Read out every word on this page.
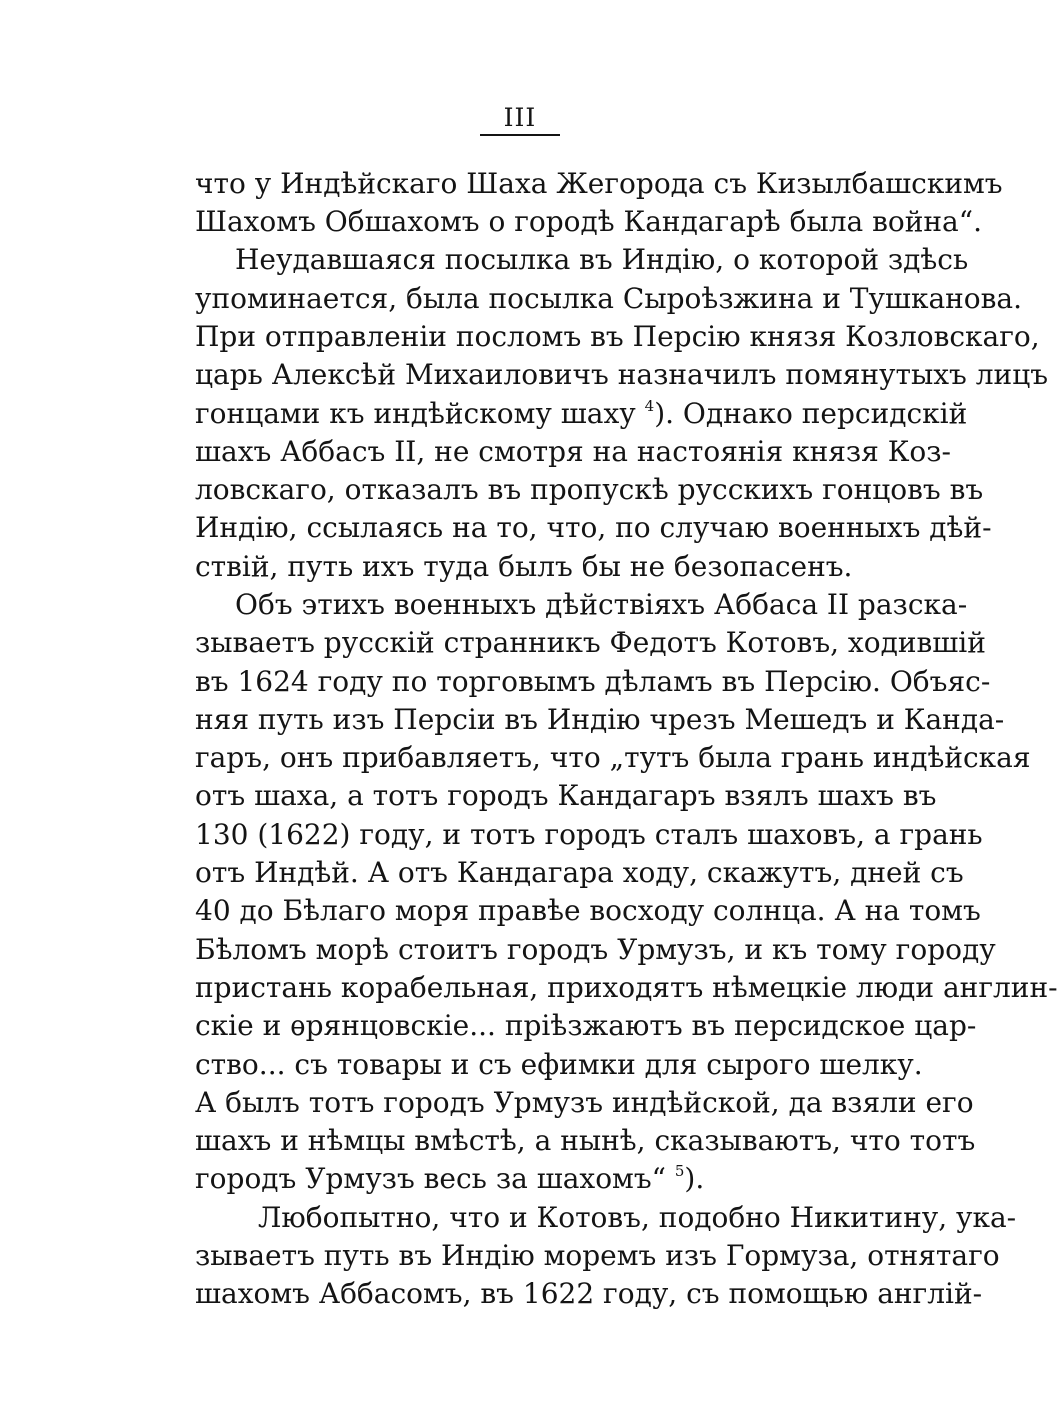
III
что у Индѣйскаго Шаха Жегорода съ Кизылбашскимъ
Шахомъ Обшахомъ о городѣ Кандагарѣ была война“.
Неудавшаяся посылка въ Индію, о которой здѣсь
упоминается, была посылка Сыроѣзжина и Тушканова.
При отправленіи посломъ въ Персію князя Козловскаго,
царь Алексѣй Михаиловичъ назначилъ помянутыхъ лицъ
гонцами къ индѣйскому шаху $^4$). Однако персидскій
шахъ Аббасъ II, не смотря на настоянія князя Коз-
ловскаго, отказалъ въ пропускѣ русскихъ гонцовъ въ
Индію, ссылаясь на то, что, по случаю военныхъ дѣй-
ствій, путь ихъ туда былъ бы не безопасенъ.
Объ этихъ военныхъ дѣйствіяхъ Аббаса II разска-
зываетъ русскій странникъ Федотъ Котовъ, ходившій
въ 1624 году по торговымъ дѣламъ въ Персію. Объяс-
няя путь изъ Персіи въ Индію чрезъ Мешедъ и Канда-
гаръ, онъ прибавляетъ, что „тутъ была грань индѣйская
отъ шаха, а тотъ городъ Кандагаръ взялъ шахъ въ
130 (1622) году, и тотъ городъ сталъ шаховъ, а грань
отъ Индѣй. А отъ Кандагара ходу, скажутъ, дней съ
40 до Бѣлаго моря правѣе восходу солнца. А на томъ
Бѣломъ морѣ стоитъ городъ Урмузъ, и къ тому городу
пристань корабельная, приходятъ нѣмецкіе люди англин-
скіе и ѳрянцовскіе... пріѣзжаютъ въ персидское цар-
ство... съ товары и съ ефимки для сырого шелку.
А былъ тотъ городъ Урмузъ индѣйской, да взяли его
шахъ и нѣмцы вмѣстѣ, а нынѣ, сказываютъ, что тотъ
городъ Урмузъ весь за шахомъ“ $^5$).
Любопытно, что и Котовъ, подобно Никитину, ука-
зываетъ путь въ Индію моремъ изъ Гормуза, отнятаго
шахомъ Аббасомъ, въ 1622 году, съ помощью англій-
